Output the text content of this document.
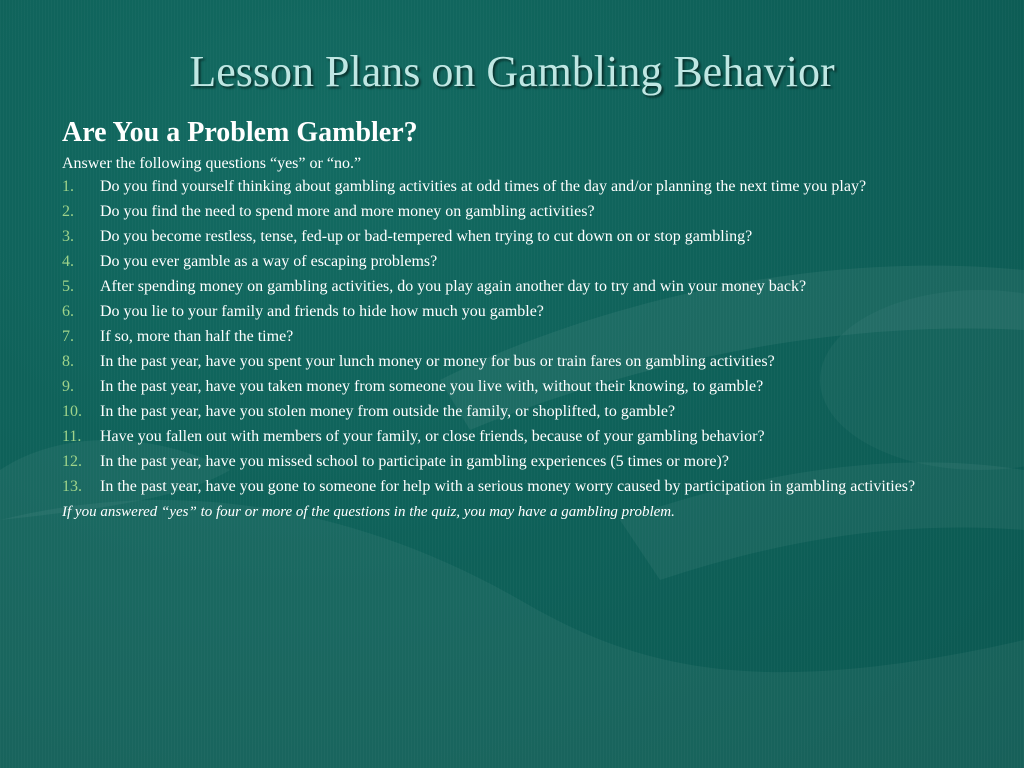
Lesson Plans on Gambling Behavior
Are You a Problem Gambler?

Answer the following questions “yes” or “no.”

1.	Do you find yourself thinking about gambling activities at odd times of the day and/or planning the next time you play?
2.	Do you find the need to spend more and more money on gambling activities?
3.	Do you become restless, tense, fed-up or bad-tempered when trying to cut down on or stop gambling?
4.	Do you ever gamble as a way of escaping problems?
5.	After spending money on gambling activities, do you play again another day to try and win your money back?
6.	Do you lie to your family and friends to hide how much you gamble?
7.	If so, more than half the time?
8.	In the past year, have you spent your lunch money or money for bus or train fares on gambling activities?
9.	In the past year, have you taken money from someone you live with, without their knowing, to gamble?
10.	In the past year, have you stolen money from outside the family, or shoplifted, to gamble?
11.	Have you fallen out with members of your family, or close friends, because of your gambling behavior?
12.	In the past year, have you missed school to participate in gambling experiences (5 times or more)?
13.	In the past year, have you gone to someone for help with a serious money worry caused by participation in gambling activities?

If you answered “yes” to four or more of the questions in the quiz, you may have a gambling problem.
